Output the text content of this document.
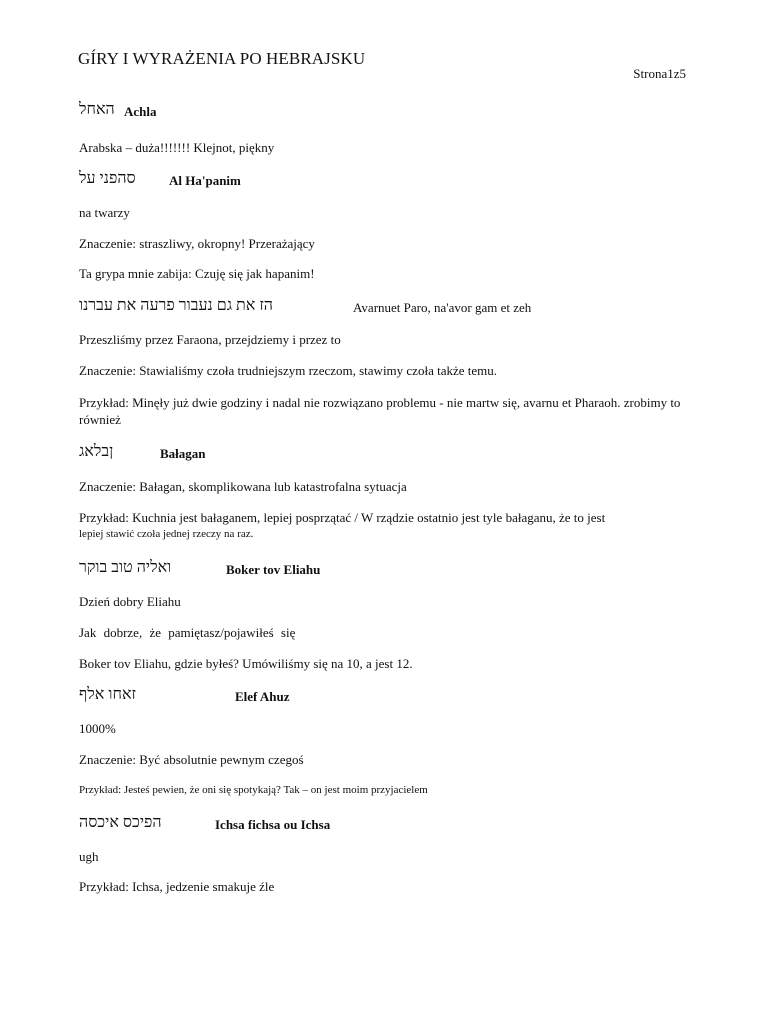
GÍRY I WYRAŻENIA PO HEBRAJSKU
Strona1z5
האחל Achla
Arabska – duża!!!!!!! Klejnot, piękny
סהפני על	Al Ha'panim
na twarzy
Znaczenie: straszliwy, okropny! Przerażający
Ta grypa mnie zabija: Czuję się jak hapanim!
הז את גם נעבור פרעה את עברנו	Avarnuet Paro, na'avor gam et zeh
Przeszliśmy przez Faraona, przejdziemy i przez to
Znaczenie: Stawialiśmy czoła trudniejszym rzeczom, stawimy czoła także temu.
Przykład: Minęły już dwie godziny i nadal nie rozwiązano problemu - nie martw się, avarnu et Pharaoh. zrobimy to również
ןבלאג	Bałagan
Znaczenie: Bałagan, skomplikowana lub katastrofalna sytuacja
Przykład: Kuchnia jest bałaganem, lepiej posprzątać / W rządzie ostatnio jest tyle bałaganu, że to jest
lepiej stawić czoła jednej rzeczy na raz.
ואליה טוב בוקר	Boker tov Eliahu
Dzień dobry Eliahu
Jak dobrze, że pamiętasz/pojawiłeś się
Boker tov Eliahu, gdzie byłeś? Umówiliśmy się na 10, a jest 12.
זאחו אלף	Elef Ahuz
1000%
Znaczenie: Być absolutnie pewnym czegoś
Przykład: Jesteś pewien, że oni się spotykają? Tak – on jest moim przyjacielem
הפיכס איכסה	Ichsa fichsa ou Ichsa
ugh
Przykład: Ichsa, jedzenie smakuje źle
